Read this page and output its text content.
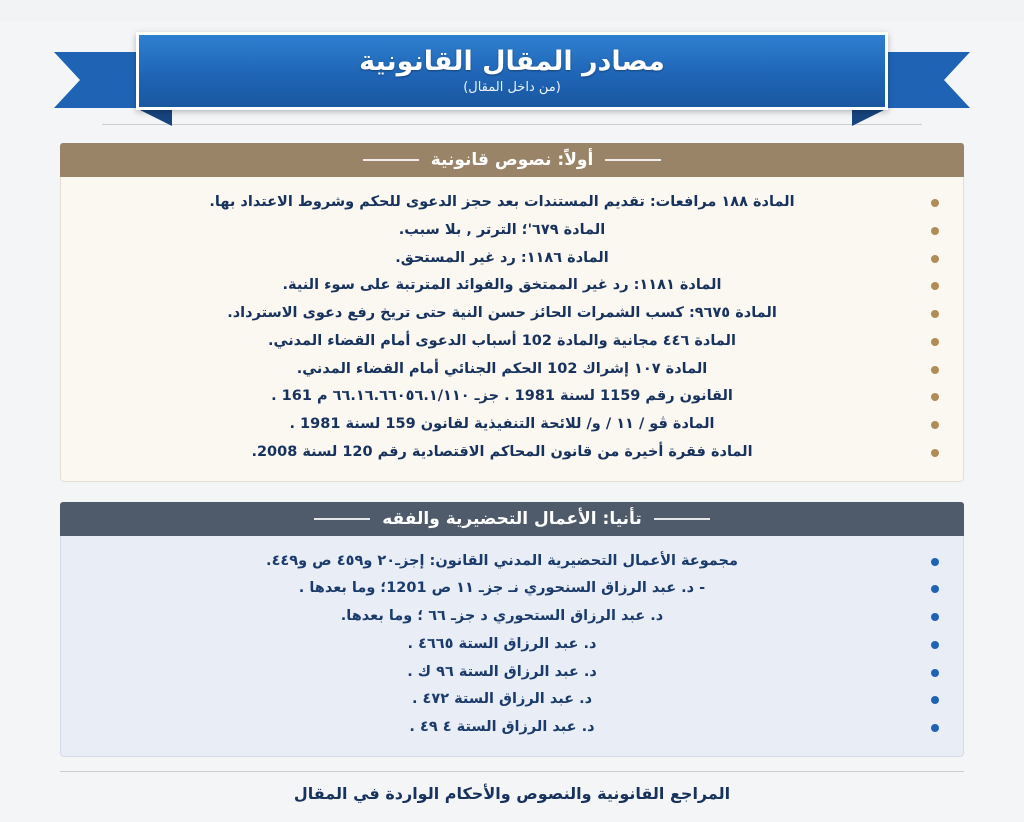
مصادر المقال القانونية
(من داخل المقال)
أولاً: نصوص قانونية
المادة ١٨٨ مرافعات: تقديم المستندات بعد حجز الدعوى للحكم وشروط الاعتداد بها.
المادة ٦٧٩'؛ الترتر , بلا سبب.
المادة ١١٨٦: رد غير المستحق.
المادة ١١٨١: رد غير الممتخق والفوائد المترتبة على سوء النية.
المادة ٩٦٧٥: كسب الشمرات الحائز حسن النية حتى تريخ رفع دعوى الاسترداد.
المادة ٤٤٦ مجانية والمادة 102 أسباب الدعوى أمام القضاء المدني.
المادة ١٠٧ إشراك 102 الحكم الجنائي أمام القضاء المدني.
القانون رقم 1159 لسنة 1981 . جزـ ٦٦.١٦.٦٦٠٥٦.١/١١٠ م 161 .
المادة ڤو / ١١ / و/ للائحة التنفيذية لقانون 159 لسنة 1981 .
المادة فقرة أخيرة من قانون المحاكم الاقتصادية رقم 120 لسنة 2008.
تأنيا: الأعمال التحضيرية والفقه
مجموعة الأعمال التحضيرية المدني القانون: إجزـ٢٠ و٤٥٩ ص و٤٤٩.
- د. عبد الرزاق السنحوري نـ جزـ ١١ ص 1201؛ وما بعدها .
د. عبد الرزاق الستحوري د جزـ ٦٦ ؛ وما بعدها.
د. عبد الرزاق الستة ٤٦٦٥ .
د. عبد الرزاق الستة ٩٦ ك .
د. عبد الرزاق الستة ٤٧٢ .
د. عبد الرزاق الستة ٤ ٤٩ .
المراجع القانونية والنصوص والأحكام الواردة في المقال
